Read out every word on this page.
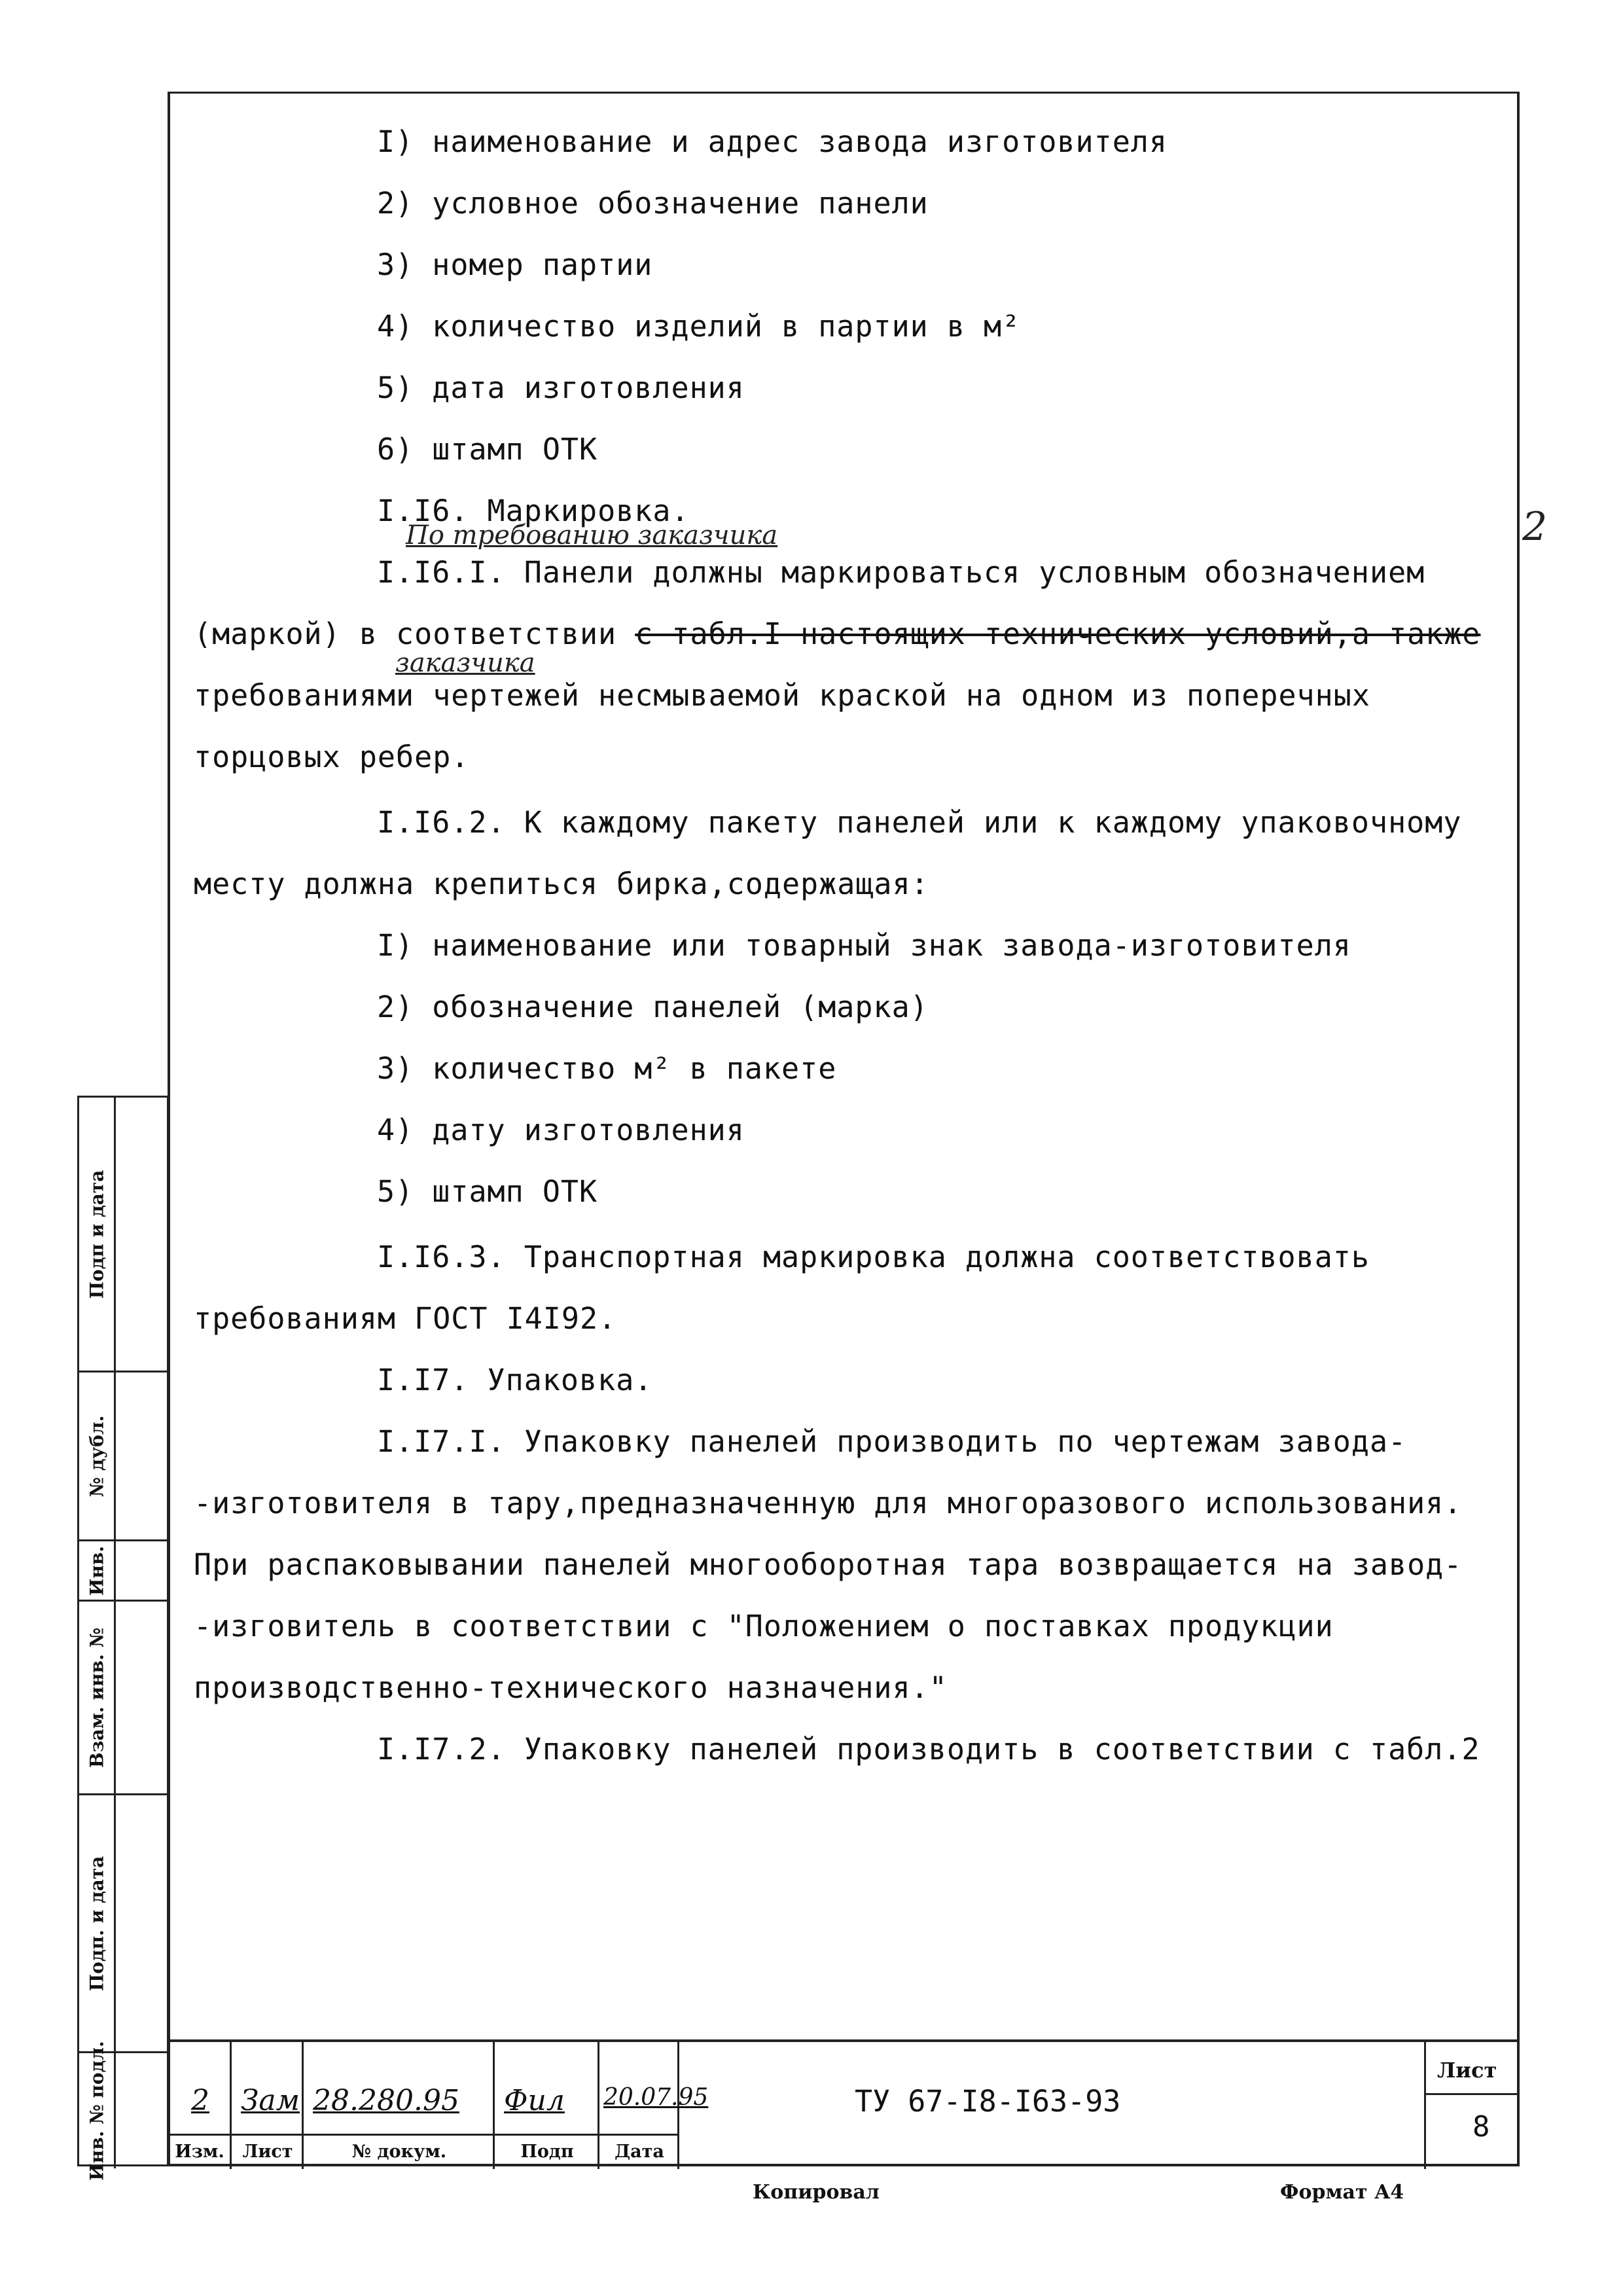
I) наименование и адрес завода изготовителя
2) условное обозначение панели
3) номер партии
4) количество изделий в партии в м²
5) дата изготовления
6) штамп ОТК
I.I6. Маркировка.
По требованию заказчика
I.I6.I. Панели должны маркироваться условным обозначением
(маркой) в соответствии с табл.I настоящих технических условий,а также
заказчика
требованиями чертежей несмываемой краской на одном из поперечных
торцовых ребер.
I.I6.2. К каждому пакету панелей или к каждому упаковочному
месту должна крепиться бирка,содержащая:
I) наименование или товарный знак завода-изготовителя
2) обозначение панелей (марка)
3) количество м² в пакете
4) дату изготовления
5) штамп ОТК
I.I6.3. Транспортная маркировка должна соответствовать
требованиям ГОСТ I4I92.
I.I7. Упаковка.
I.I7.I. Упаковку панелей производить по чертежам завода-
-изготовителя в тару,предназначенную для многоразового использования.
При распаковывании панелей многооборотная тара возвращается на завод-
-изговитель в соответствии с "Положением о поставках продукции
производственно-технического назначения."
I.I7.2. Упаковку панелей производить в соответствии с табл.2
2
Подп и дата
№ дубл.
Инв.
Взам. инв. №
Подп. и дата
Инв. № подл.	2 Зам 28.280.95 Фил 20.07.95
Изм.	Лист	№ докум.	Подп	Дата
ТУ 67-I8-I63-93
Лист
8
Копировал	Формат А4
